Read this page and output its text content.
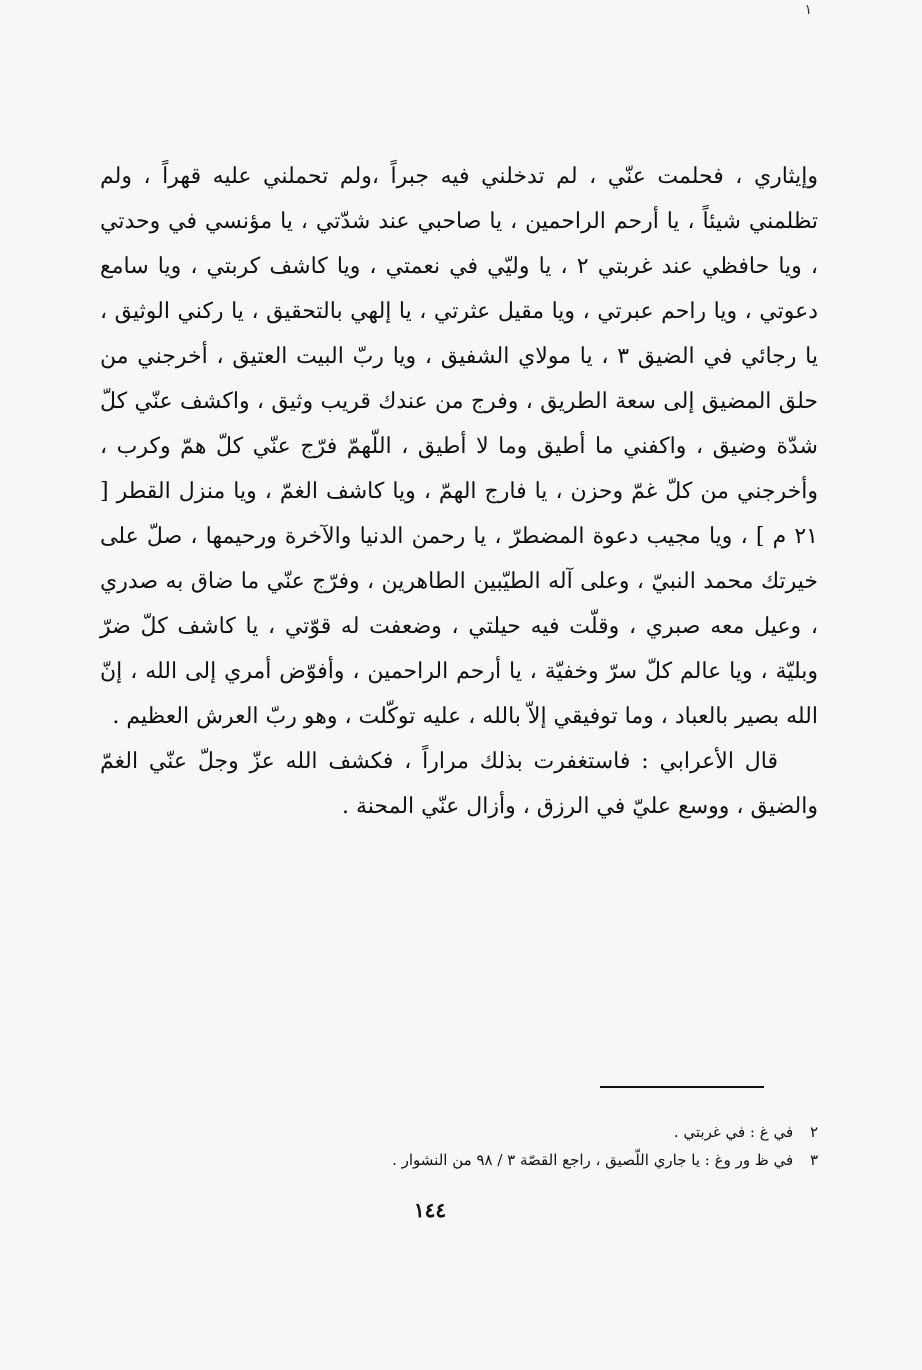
١

وإيثاري ، فحلمت عنّي ، لم تدخلني فيه جبراً ،ولم تحملني عليه قهراً ، ولم تظلمني شيئاً ، يا أرحم الراحمين ، يا صاحبي عند شدّتي ، يا مؤنسي في وحدتي ، ويا حافظي عند غربتي ٢ ، يا وليّي في نعمتي ، ويا كاشف كربتي ، ويا سامع دعوتي ، ويا راحم عبرتي ، ويا مقيل عثرتي ، يا إلهي بالتحقيق ، يا ركني الوثيق ، يا رجائي في الضيق ٣ ، يا مولاي الشفيق ، ويا ربّ البيت العتيق ، أخرجني من حلق المضيق إلى سعة الطريق ، وفرج من عندك قريب وثيق ، واكشف عنّي كلّ شدّة وضيق ، واكفني ما أطيق وما لا أطيق ، اللّهمّ فرّج عنّي كلّ همّ وكرب ، وأخرجني من كلّ غمّ وحزن ، يا فارج الهمّ ، ويا كاشف الغمّ ، ويا منزل القطر [ ٢١ م ] ، ويا مجيب دعوة المضطرّ ، يا رحمن الدنيا والآخرة ورحيمها ، صلّ على خيرتك محمد النبيّ ، وعلى آله الطيّبين الطاهرين ، وفرّج عنّي ما ضاق به صدري ، وعيل معه صبري ، وقلّت فيه حيلتي ، وضعفت له قوّتي ، يا كاشف كلّ ضرّ وبليّة ، ويا عالم كلّ سرّ وخفيّة ، يا أرحم الراحمين ، وأفوّض أمري إلى الله ، إنّ الله بصير بالعباد ، وما توفيقي إلاّ بالله ، عليه توكّلت ، وهو ربّ العرش العظيم .

قال الأعرابي : فاستغفرت بذلك مراراً ، فكشف الله عزّ وجلّ عنّي الغمّ والضيق ، ووسع عليّ في الرزق ، وأزال عنّي المحنة .

٢ في غ : في غربتي .

٣ في ظ ور وغ : يا جاري اللّصيق ، راجع القصّة ٣ / ٩٨ من النشوار .

١٤٤
